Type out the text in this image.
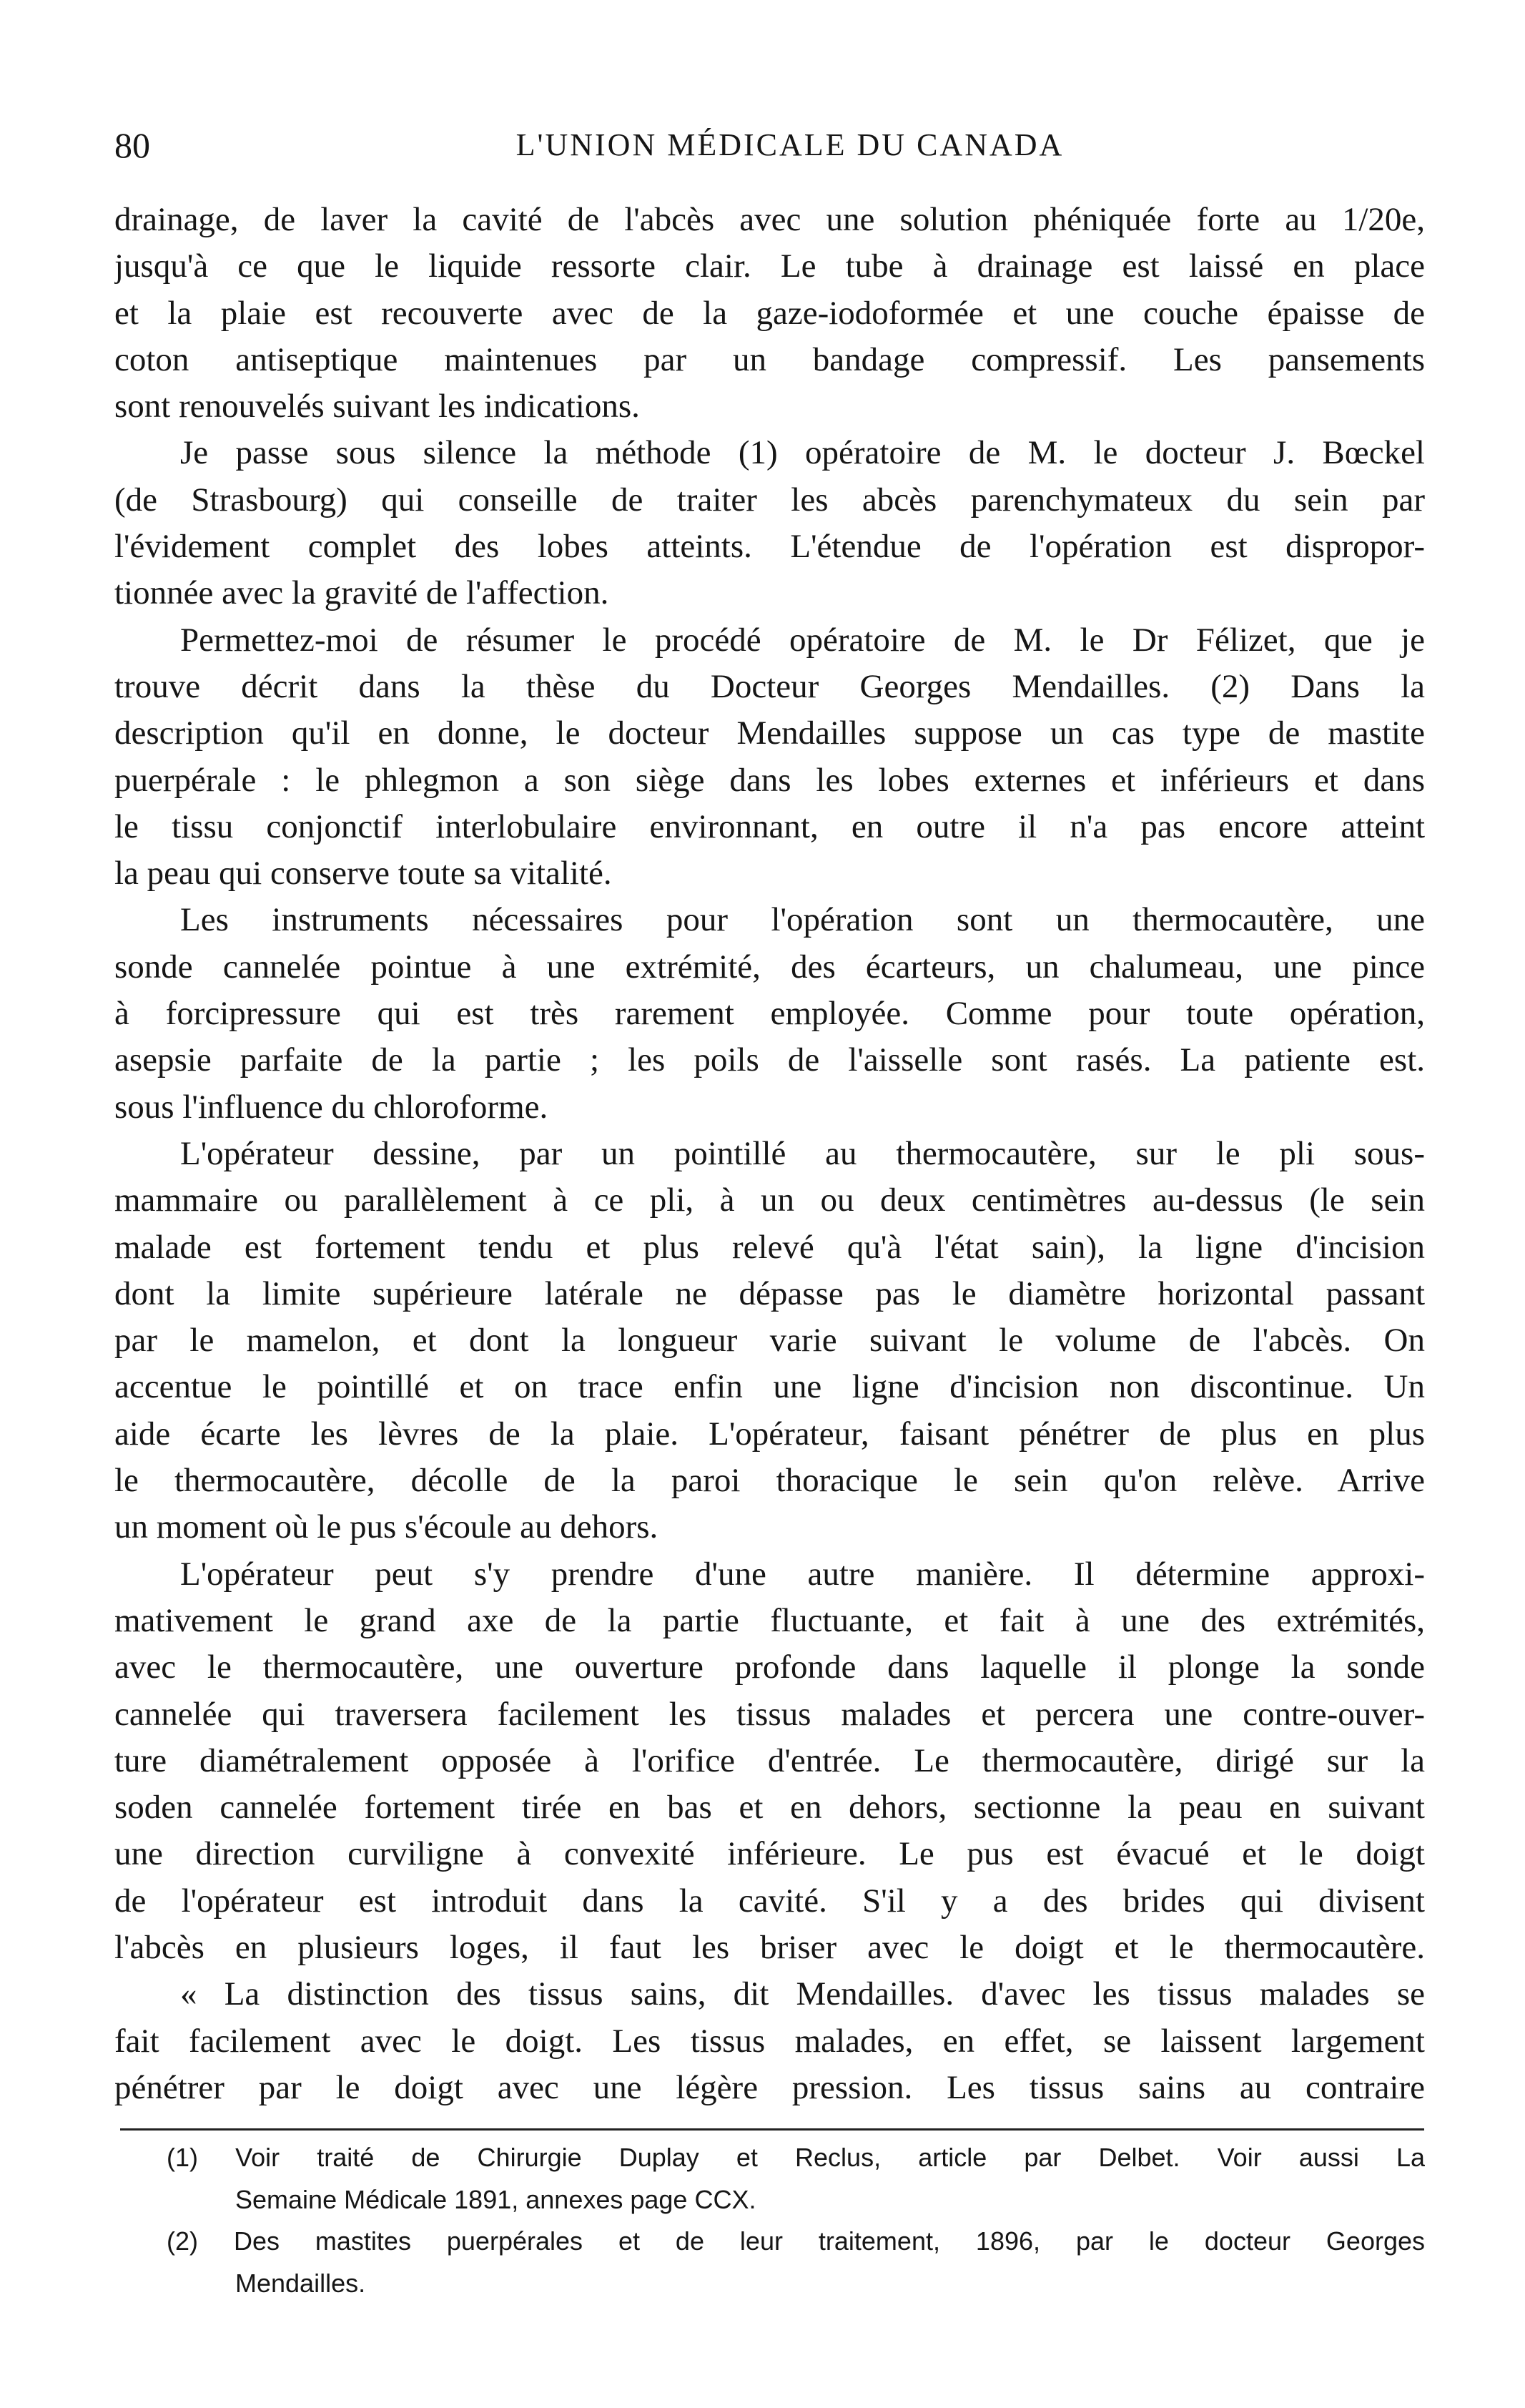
80	L'UNION MÉDICALE DU CANADA
drainage, de laver la cavité de l'abcès avec une solution phéniquée forte au 1/20e,
jusqu'à ce que le liquide ressorte clair. Le tube à drainage est laissé en place
et la plaie est recouverte avec de la gaze-iodoformée et une couche épaisse de
coton antiseptique maintenues par un bandage compressif. Les pansements
sont renouvelés suivant les indications.
Je passe sous silence la méthode (1) opératoire de M. le docteur J. Bœckel
(de Strasbourg) qui conseille de traiter les abcès parenchymateux du sein par
l'évidement complet des lobes atteints. L'étendue de l'opération est dispropor-
tionnée avec la gravité de l'affection.
Permettez-moi de résumer le procédé opératoire de M. le Dr Félizet, que je
trouve décrit dans la thèse du Docteur Georges Mendailles. (2) Dans la
description qu'il en donne, le docteur Mendailles suppose un cas type de mastite
puerpérale : le phlegmon a son siège dans les lobes externes et inférieurs et dans
le tissu conjonctif interlobulaire environnant, en outre il n'a pas encore atteint
la peau qui conserve toute sa vitalité.
Les instruments nécessaires pour l'opération sont un thermocautère, une
sonde cannelée pointue à une extrémité, des écarteurs, un chalumeau, une pince
à forcipressure qui est très rarement employée. Comme pour toute opération,
asepsie parfaite de la partie ; les poils de l'aisselle sont rasés. La patiente est.
sous l'influence du chloroforme.
L'opérateur dessine, par un pointillé au thermocautère, sur le pli sous-
mammaire ou parallèlement à ce pli, à un ou deux centimètres au-dessus (le sein
malade est fortement tendu et plus relevé qu'à l'état sain), la ligne d'incision
dont la limite supérieure latérale ne dépasse pas le diamètre horizontal passant
par le mamelon, et dont la longueur varie suivant le volume de l'abcès. On
accentue le pointillé et on trace enfin une ligne d'incision non discontinue. Un
aide écarte les lèvres de la plaie. L'opérateur, faisant pénétrer de plus en plus
le thermocautère, décolle de la paroi thoracique le sein qu'on relève. Arrive
un moment où le pus s'écoule au dehors.
L'opérateur peut s'y prendre d'une autre manière. Il détermine approxi-
mativement le grand axe de la partie fluctuante, et fait à une des extrémités,
avec le thermocautère, une ouverture profonde dans laquelle il plonge la sonde
cannelée qui traversera facilement les tissus malades et percera une contre-ouver-
ture diamétralement opposée à l'orifice d'entrée. Le thermocautère, dirigé sur la
soden cannelée fortement tirée en bas et en dehors, sectionne la peau en suivant
une direction curviligne à convexité inférieure. Le pus est évacué et le doigt
de l'opérateur est introduit dans la cavité. S'il y a des brides qui divisent
l'abcès en plusieurs loges, il faut les briser avec le doigt et le thermocautère.
« La distinction des tissus sains, dit Mendailles. d'avec les tissus malades se
fait facilement avec le doigt. Les tissus malades, en effet, se laissent largement
pénétrer par le doigt avec une légère pression. Les tissus sains au contraire
(1) Voir traité de Chirurgie Duplay et Reclus, article par Delbet. Voir aussi La
Semaine Médicale 1891, annexes page CCX.
(2) Des mastites puerpérales et de leur traitement, 1896, par le docteur Georges
Mendailles.
